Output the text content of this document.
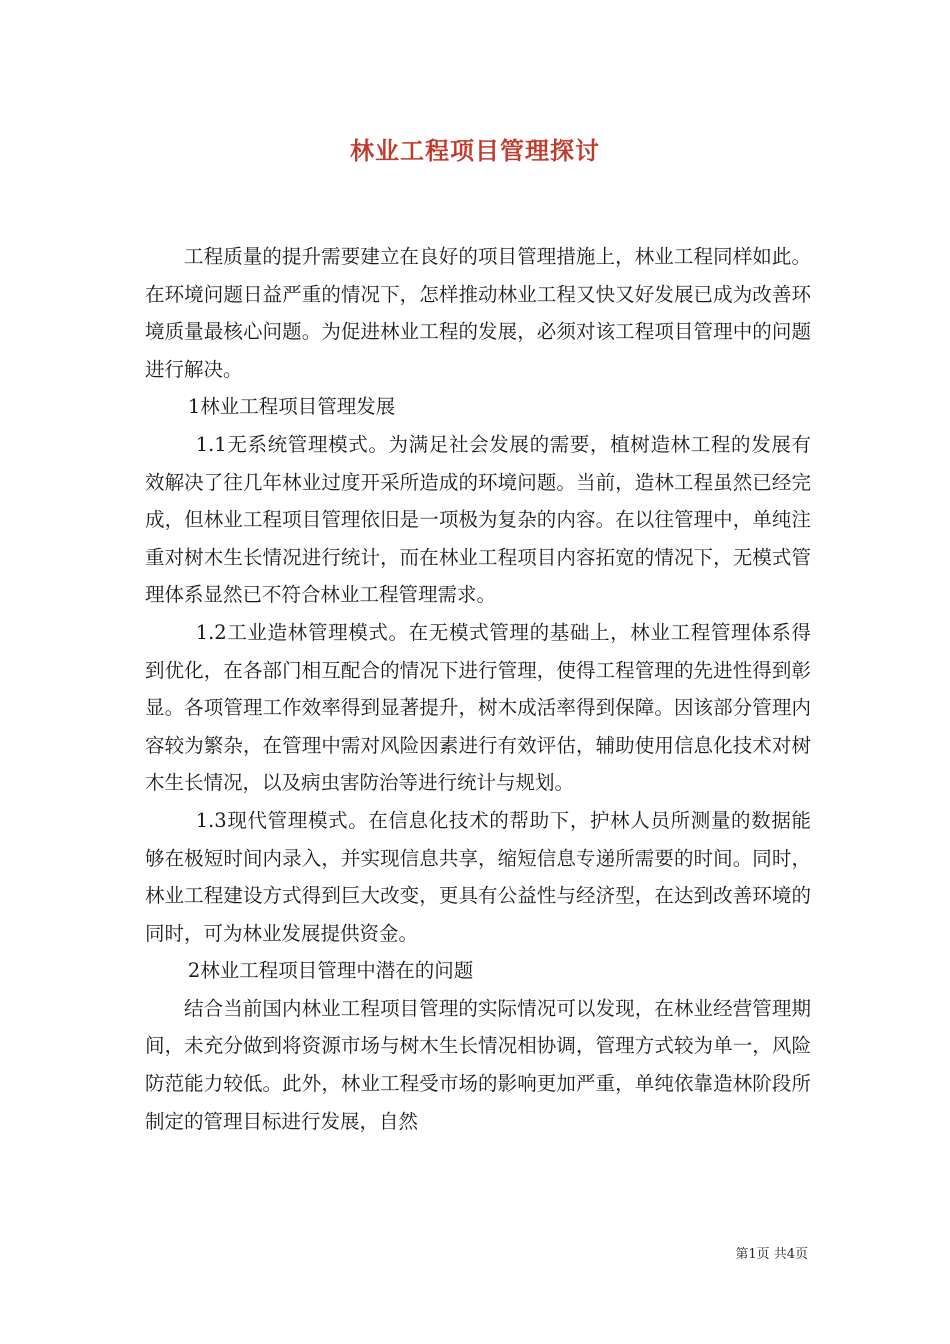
林业工程项目管理探讨

工程质量的提升需要建立在良好的项目管理措施上，林业工程同样如此。在环境问题日益严重的情况下，怎样推动林业工程又快又好发展已成为改善环境质量最核心问题。为促进林业工程的发展，必须对该工程项目管理中的问题进行解决。

1林业工程项目管理发展

1.1无系统管理模式。为满足社会发展的需要，植树造林工程的发展有效解决了往几年林业过度开采所造成的环境问题。当前，造林工程虽然已经完成，但林业工程项目管理依旧是一项极为复杂的内容。在以往管理中，单纯注重对树木生长情况进行统计，而在林业工程项目内容拓宽的情况下，无模式管理体系显然已不符合林业工程管理需求。

1.2工业造林管理模式。在无模式管理的基础上，林业工程管理体系得到优化，在各部门相互配合的情况下进行管理，使得工程管理的先进性得到彰显。各项管理工作效率得到显著提升，树木成活率得到保障。因该部分管理内容较为繁杂，在管理中需对风险因素进行有效评估，辅助使用信息化技术对树木生长情况，以及病虫害防治等进行统计与规划。

1.3现代管理模式。在信息化技术的帮助下，护林人员所测量的数据能够在极短时间内录入，并实现信息共享，缩短信息专递所需要的时间。同时，林业工程建设方式得到巨大改变，更具有公益性与经济型，在达到改善环境的同时，可为林业发展提供资金。

2林业工程项目管理中潜在的问题

结合当前国内林业工程项目管理的实际情况可以发现，在林业经营管理期间，未充分做到将资源市场与树木生长情况相协调，管理方式较为单一，风险防范能力较低。此外，林业工程受市场的影响更加严重，单纯依靠造林阶段所制定的管理目标进行发展，自然

第1页 共4页
